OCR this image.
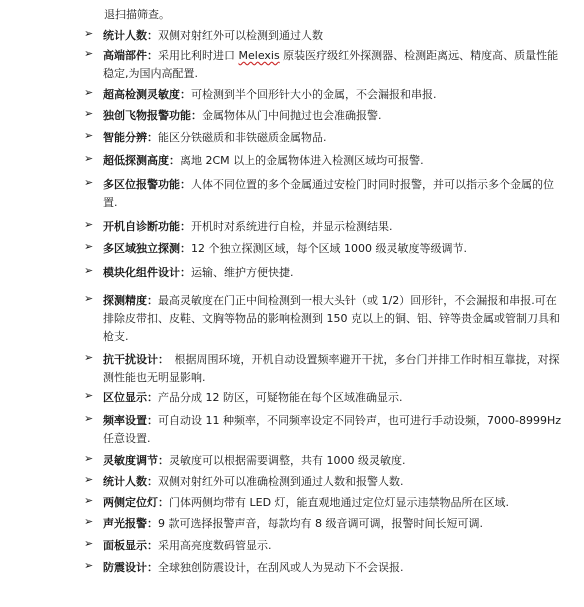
退扫描筛查。
➢ 统计人数：双侧对射红外可以检测到通过人数
➢ 高端部件：采用比利时进口 Melexis 原装医疗级红外探测器、检测距离远、精度高、质量性能稳定,为国内高配置.
➢ 超高检测灵敏度：可检测到半个回形针大小的金属，不会漏报和串报.
➢ 独创飞物报警功能：金属物体从门中间抛过也会准确报警.
➢ 智能分辨：能区分铁磁质和非铁磁质金属物品.
➢ 超低探测高度：离地 2CM 以上的金属物体进入检测区域均可报警.
➢ 多区位报警功能：人体不同位置的多个金属通过安检门时同时报警，并可以指示多个金属的位置.
➢ 开机自诊断功能：开机时对系统进行自检，并显示检测结果.
➢ 多区域独立探测：12 个独立探测区域，每个区域 1000 级灵敏度等级调节.
➢ 模块化组件设计：运输、维护方便快捷.
➢ 探测精度：最高灵敏度在门正中间检测到一根大头针（或 1/2）回形针，不会漏报和串报.可在排除皮带扣、皮鞋、文胸等物品的影响检测到 150 克以上的铜、铝、锌等贵金属或管制刀具和枪支.
➢ 抗干扰设计：　根据周围环境，开机自动设置频率避开干扰，多台门并排工作时相互靠拢，对探测性能也无明显影响.
➢ 区位显示：产品分成 12 防区，可疑物能在每个区域准确显示.
➢ 频率设置：可自动设 11 种频率，不同频率设定不同铃声，也可进行手动设频，7000-8999Hz 任意设置.
➢ 灵敏度调节：灵敏度可以根据需要调整，共有 1000 级灵敏度.
➢ 统计人数：双侧对射红外可以准确检测到通过人数和报警人数.
➢ 两侧定位灯：门体两侧均带有 LED 灯，能直观地通过定位灯显示违禁物品所在区域.
➢ 声光报警：9 款可选择报警声音，每款均有 8 级音调可调，报警时间长短可调.
➢ 面板显示：采用高亮度数码管显示.
➢ 防震设计：全球独创防震设计，在刮风或人为晃动下不会误报.
